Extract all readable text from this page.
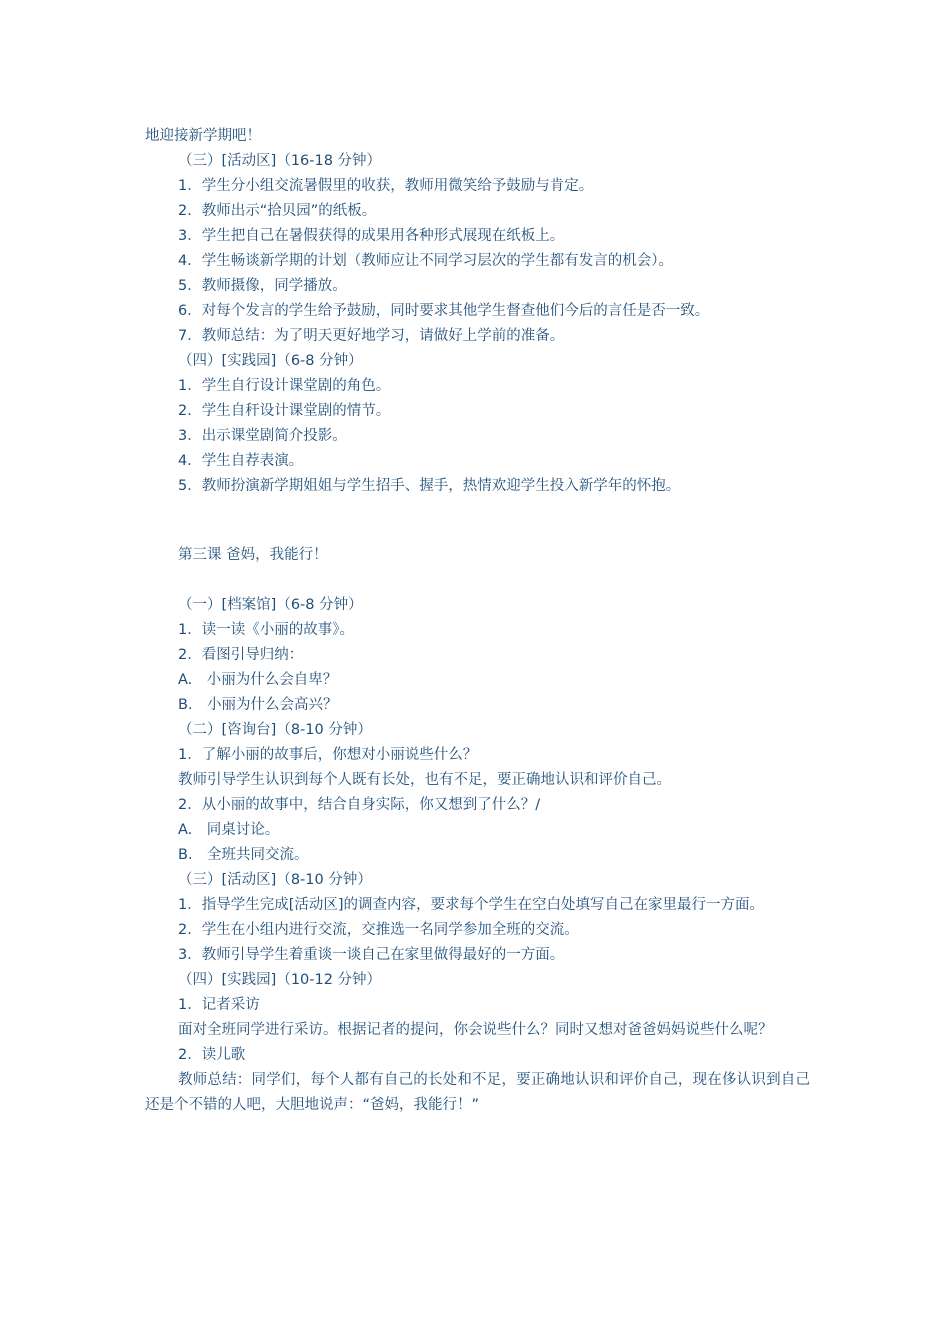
地迎接新学期吧！
（三）[活动区]（16-18 分钟）
1．学生分小组交流暑假里的收获，教师用微笑给予鼓励与肯定。
2．教师出示“拾贝园”的纸板。
3．学生把自己在暑假获得的成果用各种形式展现在纸板上。
4．学生畅谈新学期的计划（教师应让不同学习层次的学生都有发言的机会）。
5．教师摄像，同学播放。
6．对每个发言的学生给予鼓励，同时要求其他学生督查他们今后的言任是否一致。
7．教师总结：为了明天更好地学习，请做好上学前的准备。
（四）[实践园]（6-8 分钟）
1．学生自行设计课堂剧的角色。
2．学生自秆设计课堂剧的情节。
3．出示课堂剧简介投影。
4．学生自荐表演。
5．教师扮演新学期姐姐与学生招手、握手，热情欢迎学生投入新学年的怀抱。
第三课 爸妈，我能行！
（一）[档案馆]（6-8 分钟）
1．读一读《小丽的故事》。
2．看图引导归纳：
A.　小丽为什么会自卑？
B.　小丽为什么会高兴？
（二）[咨询台]（8-10 分钟）
1．了解小丽的故事后，你想对小丽说些什么？
教师引导学生认识到每个人既有长处，也有不足，要正确地认识和评价自己。
2．从小丽的故事中，结合自身实际，你又想到了什么？/
A.　同桌讨论。
B.　全班共同交流。
（三）[活动区]（8-10 分钟）
1．指导学生完成[活动区]的调查内容，要求每个学生在空白处填写自己在家里最行一方面。
2．学生在小组内进行交流，交推选一名同学参加全班的交流。
3．教师引导学生着重谈一谈自己在家里做得最好的一方面。
（四）[实践园]（10-12 分钟）
1．记者采访
面对全班同学进行采访。根据记者的提问，你会说些什么？同时又想对爸爸妈妈说些什么呢？
2．读儿歌
教师总结：同学们，每个人都有自己的长处和不足，要正确地认识和评价自己，现在侈认识到自己还是个不错的人吧，大胆地说声：“爸妈，我能行！”
